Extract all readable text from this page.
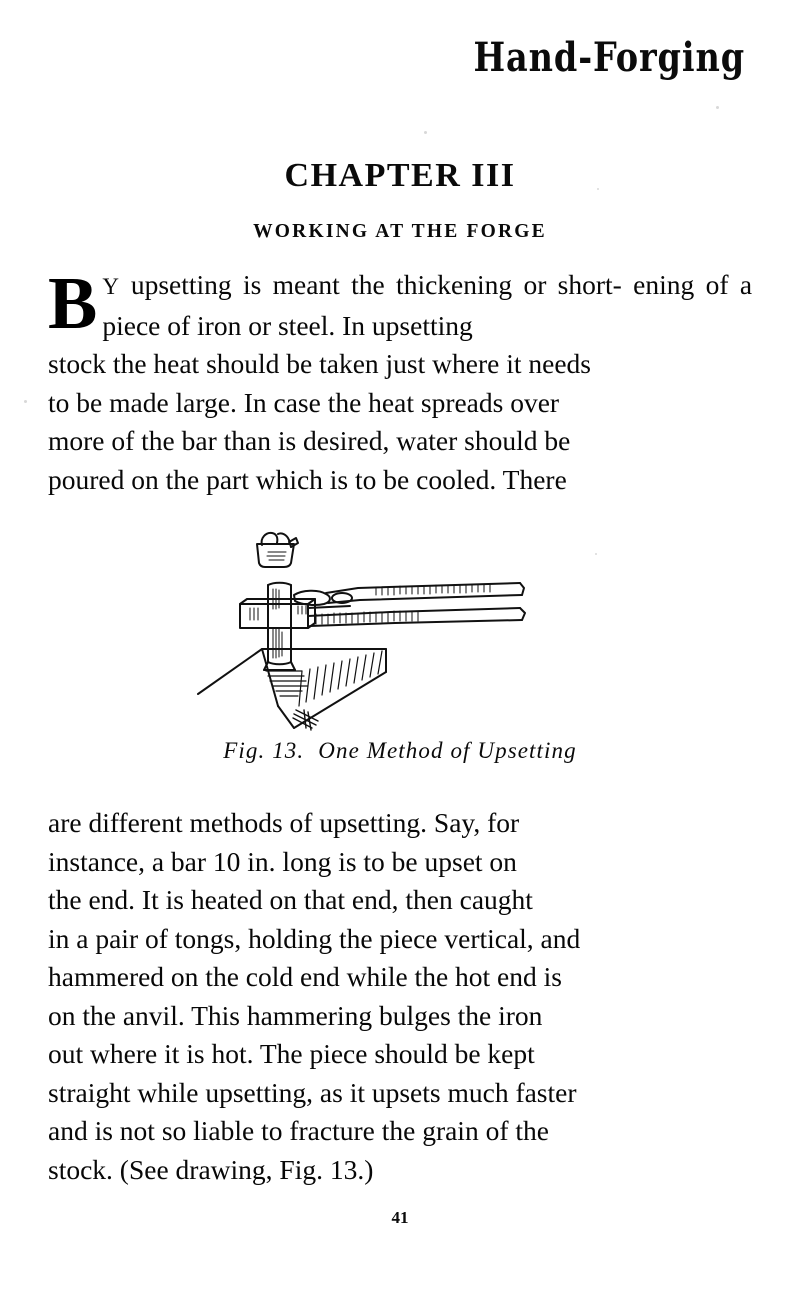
Hand-Forging
CHAPTER III
WORKING AT THE FORGE
B Y upsetting is meant the thickening or short- ening of a piece of iron or steel. In upsetting
stock the heat should be taken just where it needs
to be made large. In case the heat spreads over
more of the bar than is desired, water should be
poured on the part which is to be cooled. There
Fig. 13. One Method of Upsetting
are different methods of upsetting. Say, for
instance, a bar 10 in. long is to be upset on
the end. It is heated on that end, then caught
in a pair of tongs, holding the piece vertical, and
hammered on the cold end while the hot end is
on the anvil. This hammering bulges the iron
out where it is hot. The piece should be kept
straight while upsetting, as it upsets much faster
and is not so liable to fracture the grain of the
stock. (See drawing, Fig. 13.)
41
